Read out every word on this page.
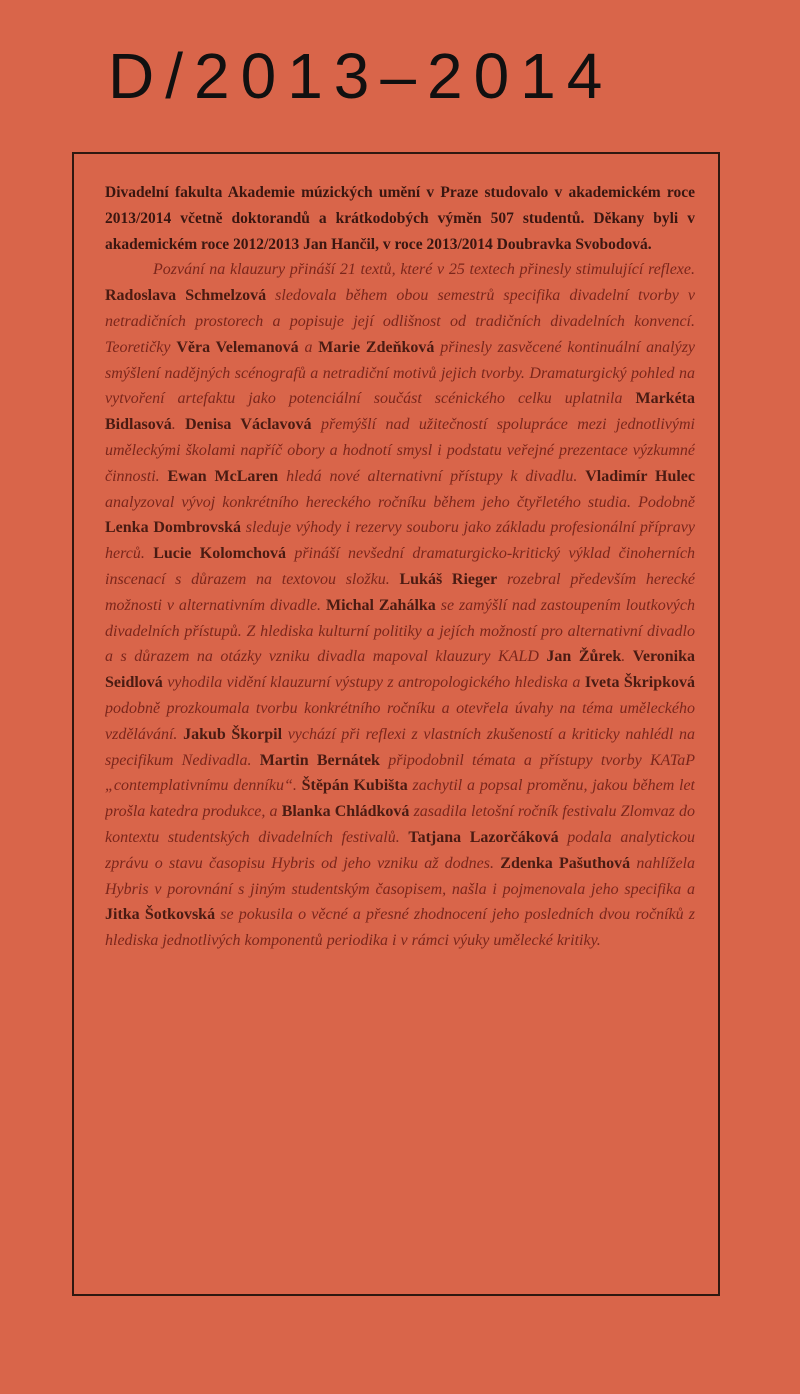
D/2013–2014

Divadelní fakulta Akademie múzických umění v Praze studovalo v akademickém roce 2013/2014 včetně doktorandů a krátkodobých výměn 507 studentů. Děkany byli v akademickém roce 2012/2013 Jan Hančil, v roce 2013/2014 Doubravka Svobodová.

Pozvání na klauzury přináší 21 textů, které v 25 textech přinesly stimulující reflexe. Radoslava Schmelzová sledovala během obou semestrů specifika divadelní tvorby v netradičních prostorech a popisuje její odlišnost od tradičních divadelních konvencí. Teoretičky Věra Velemanová a Marie Zdeňková přinesly zasvěcené kontinuální analýzy smýšlení nadějných scénografů a netradiční motivů jejich tvorby. Dramaturgický pohled na vytvoření artefaktu jako potenciální součást scénického celku uplatnila Markéta Bidlasová. Denisa Václavová přemýšlí nad užitečností spolupráce mezi jednotlivými uměleckými školami napříč obory a hodnotí smysl i podstatu veřejné prezentace výzkumné činnosti. Ewan McLaren hledá nové alternativní přístupy k divadlu. Vladimír Hulec analyzoval vývoj konkrétního hereckého ročníku během jeho čtyřletého studia. Podobně Lenka Dombrovská sleduje výhody i rezervy souboru jako základu profesionální přípravy herců. Lucie Kolomchová přináší nevšední dramaturgicko-kritický výklad činoherních inscenací s důrazem na textovou složku. Lukáš Rieger rozebral především herecké možnosti v alternativním divadle. Michal Zahálka se zamýšlí nad zastoupením loutkových divadelních přístupů. Z hlediska kulturní politiky a jejích možností pro alternativní divadlo a s důrazem na otázky vzniku divadla mapoval klauzury KALD Jan Žůrek. Veronika Seidlová vyhodila vidění klauzurní výstupy z antropologického hlediska a Iveta Škripková podobně prozkoumala tvorbu konkrétního ročníku a otevřela úvahy na téma uměleckého vzdělávání. Jakub Škorpil vychází při reflexi z vlastních zkušeností a kriticky nahlédl na specifikum Nedivadla. Martin Bernátek připodobnil témata a přístupy tvorby KATaP „contemplativnímu denníku“. Štěpán Kubišta zachytil a popsal proměnu, jakou během let prošla katedra produkce, a Blanka Chládková zasadila letošní ročník festivalu Zlomvaz do kontextu studentských divadelních festivalů. Tatjana Lazorčáková podala analytickou zprávu o stavu časopisu Hybris od jeho vzniku až dodnes. Zdenka Pašuthová nahlížela Hybris v porovnání s jiným studentským časopisem, našla i pojmenovala jeho specifika a Jitka Šotkovská se pokusila o věcné a přesné zhodnocení jeho posledních dvou ročníků z hlediska jednotlivých komponentů periodika i v rámci výuky umělecké kritiky.
